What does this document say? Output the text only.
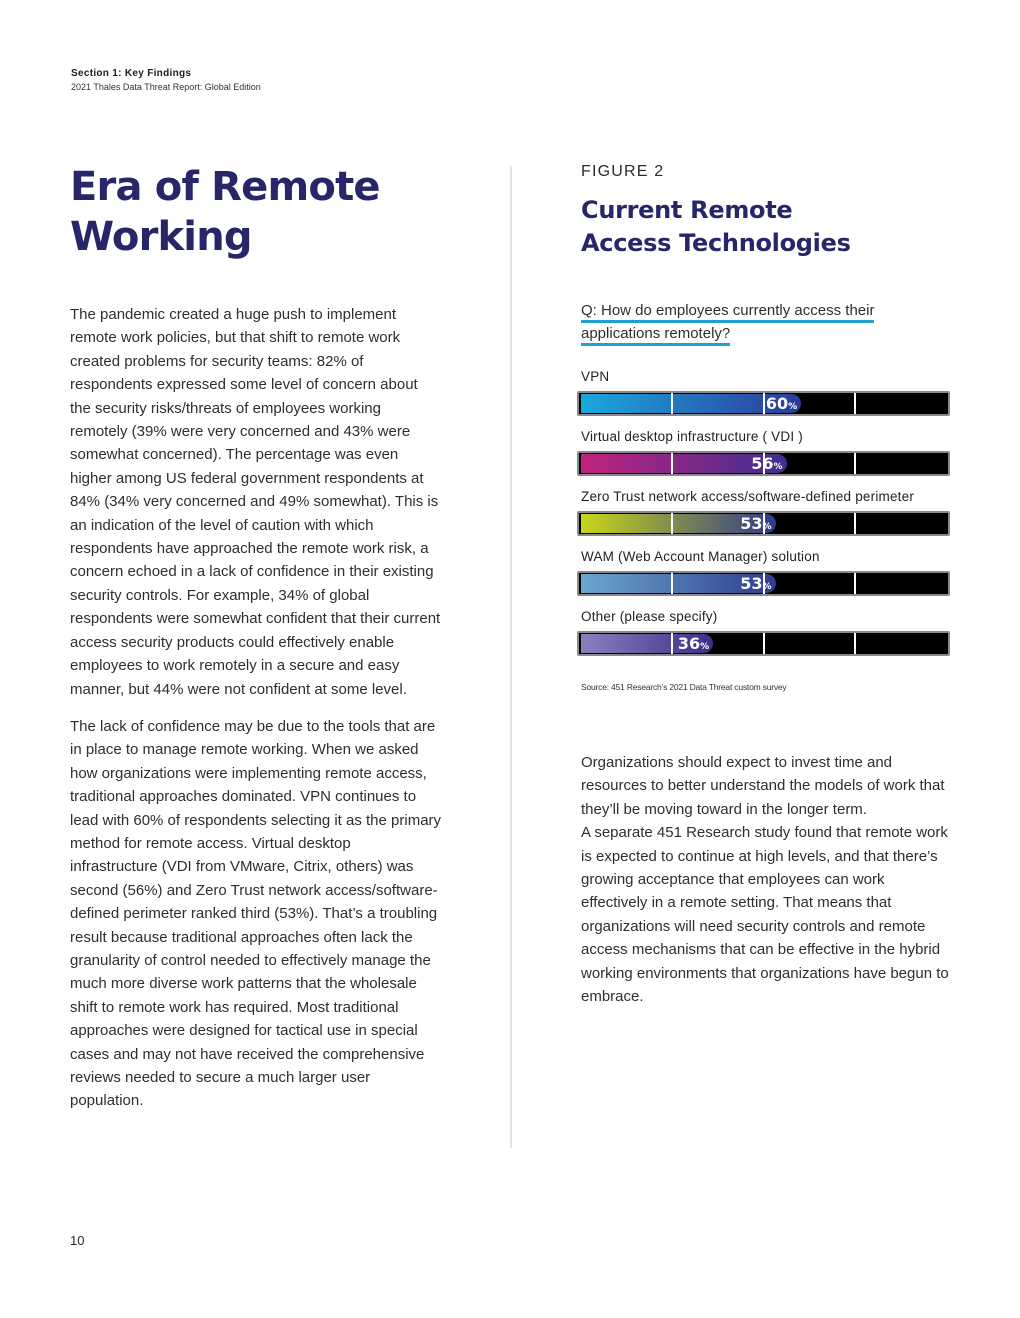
Section 1: Key Findings
2021 Thales Data Threat Report: Global Edition
Era of Remote
Working

The pandemic created a huge push to implement remote work policies, but that shift to remote work created problems for security teams: 82% of respondents expressed some level of concern about the security risks/threats of employees working remotely (39% were very concerned and 43% were somewhat concerned). The percentage was even higher among US federal government respondents at 84% (34% very concerned and 49% somewhat). This is an indication of the level of caution with which respondents have approached the remote work risk, a concern echoed in a lack of confidence in their existing security controls. For example, 34% of global respondents were somewhat confident that their current access security products could effectively enable employees to work remotely in a secure and easy manner, but 44% were not confident at some level.

The lack of confidence may be due to the tools that are in place to manage remote working. When we asked how organizations were implementing remote access, traditional approaches dominated. VPN continues to lead with 60% of respondents selecting it as the primary method for remote access. Virtual desktop infrastructure (VDI from VMware, Citrix, others) was second (56%) and Zero Trust network access/software-defined perimeter ranked third (53%). That’s a troubling result because traditional approaches often lack the granularity of control needed to effectively manage the much more diverse work patterns that the wholesale shift to remote work has required. Most traditional approaches were designed for tactical use in special cases and may not have received the comprehensive reviews needed to secure a much larger user population.

FIGURE 2
Current Remote
Access Technologies
Q: How do employees currently access their
applications remotely?
VPN
60%
Virtual desktop infrastructure ( VDI )
56%
Zero Trust network access/software-defined perimeter
53%
WAM (Web Account Manager) solution
53%
Other (please specify)
36%
Source: 451 Research’s 2021 Data Threat custom survey

Organizations should expect to invest time and resources to better understand the models of work that they’ll be moving toward in the longer term.

A separate 451 Research study found that remote work is expected to continue at high levels, and that there’s growing acceptance that employees can work effectively in a remote setting. That means that organizations will need security controls and remote access mechanisms that can be effective in the hybrid working environments that organizations have begun to embrace.

10
